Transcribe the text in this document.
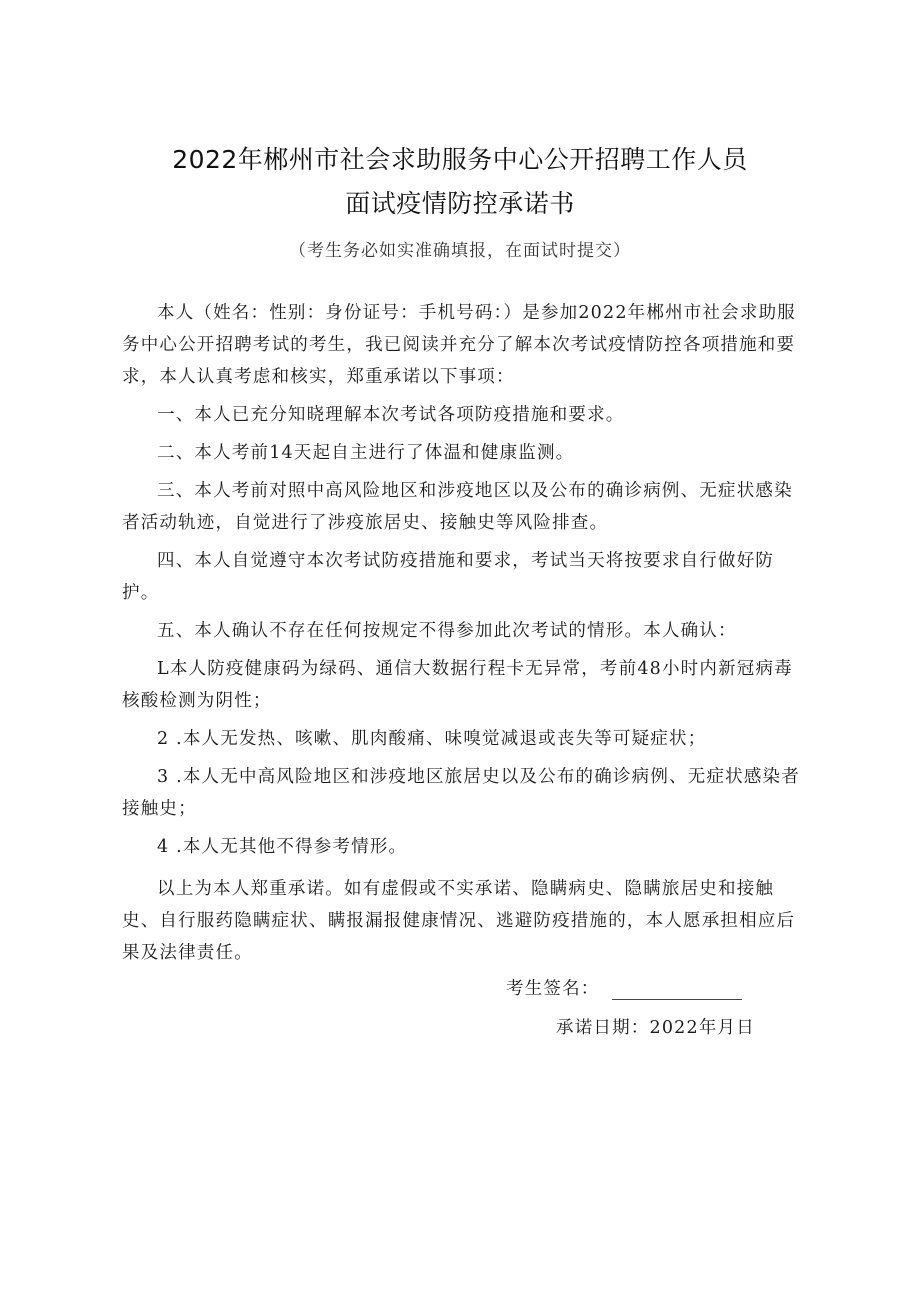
2022年郴州市社会求助服务中心公开招聘工作人员
面试疫情防控承诺书
（考生务必如实准确填报，在面试时提交）

本人（姓名：性别：身份证号：手机号码：）是参加2022年郴州市社会求助服务中心公开招聘考试的考生，我已阅读并充分了解本次考试疫情防控各项措施和要求，本人认真考虑和核实，郑重承诺以下事项：

一、本人已充分知晓理解本次考试各项防疫措施和要求。

二、本人考前14天起自主进行了体温和健康监测。

三、本人考前对照中高风险地区和涉疫地区以及公布的确诊病例、无症状感染者活动轨迹，自觉进行了涉疫旅居史、接触史等风险排查。

四、本人自觉遵守本次考试防疫措施和要求，考试当天将按要求自行做好防护。

五、本人确认不存在任何按规定不得参加此次考试的情形。本人确认：

L本人防疫健康码为绿码、通信大数据行程卡无异常，考前48小时内新冠病毒核酸检测为阴性；

2 .本人无发热、咳嗽、肌肉酸痛、味嗅觉减退或丧失等可疑症状；

3 .本人无中高风险地区和涉疫地区旅居史以及公布的确诊病例、无症状感染者接触史；

4 .本人无其他不得参考情形。

以上为本人郑重承诺。如有虚假或不实承诺、隐瞒病史、隐瞒旅居史和接触史、自行服药隐瞒症状、瞒报漏报健康情况、逃避防疫措施的，本人愿承担相应后果及法律责任。

考生签名：
承诺日期：2022年月日
